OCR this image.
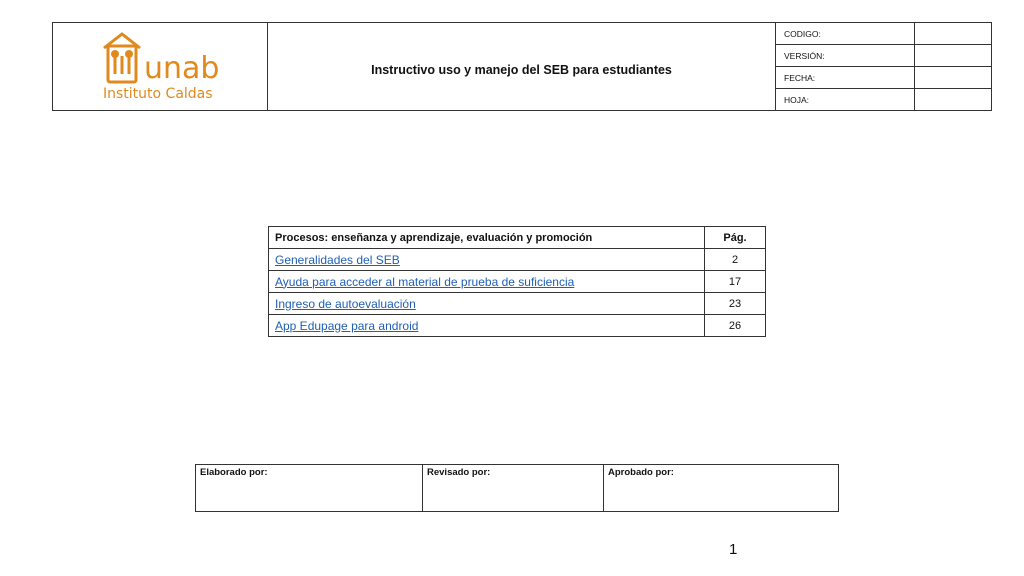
unab
Instituto Caldas	Instructivo uso y manejo del SEB para estudiantes	CODIGO:	
		VERSIÓN:	
		FECHA:	
		HOJA:	
Procesos: enseñanza y aprendizaje, evaluación y promoción	Pág.
Generalidades del SEB	2
Ayuda para acceder al material de prueba de suficiencia	17
Ingreso de autoevaluación	23
App Edupage para android	26
Elaborado por:	Revisado por:	Aprobado por:
1
